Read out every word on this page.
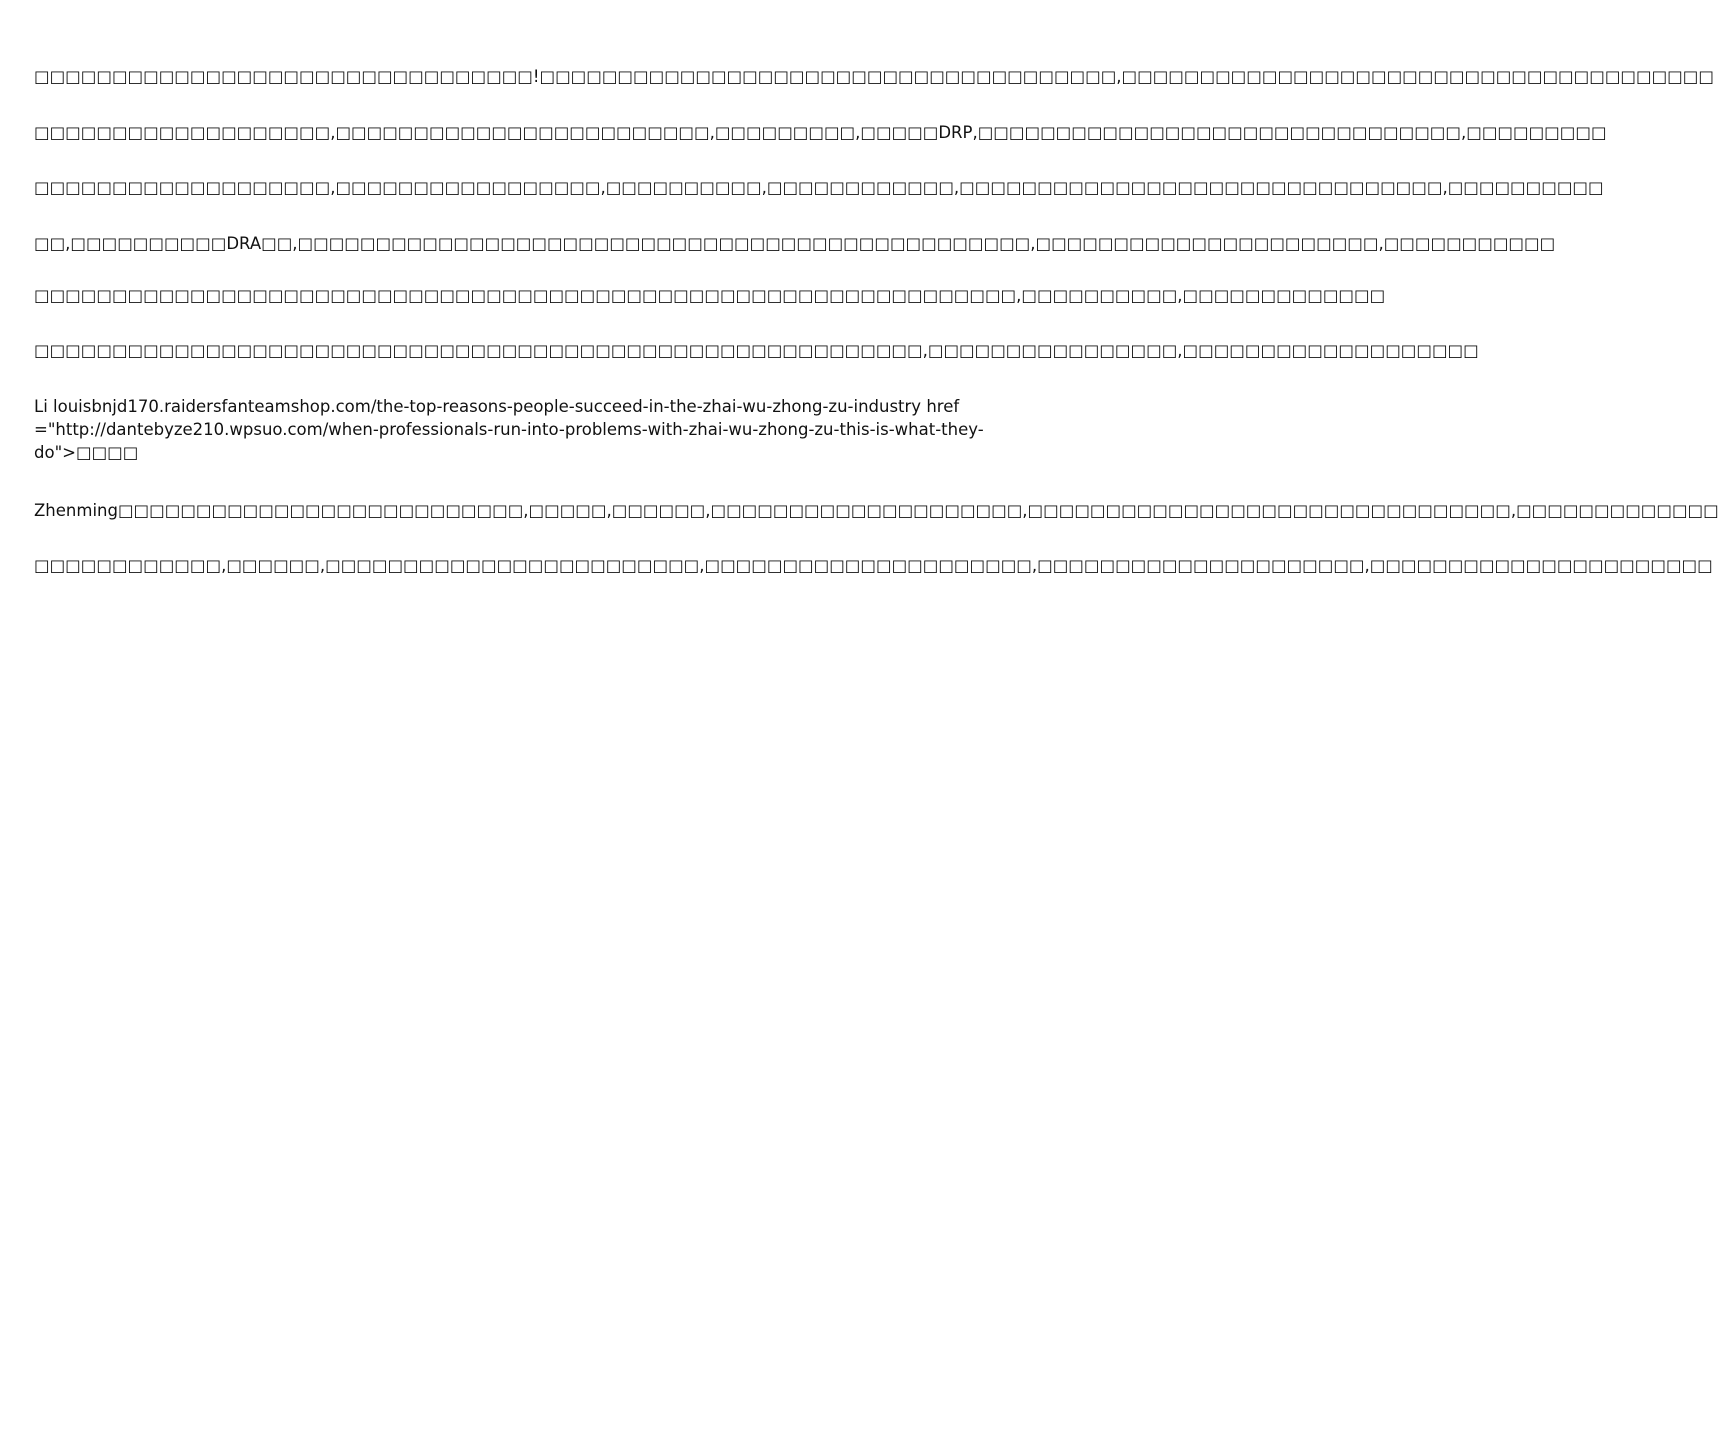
□□□□□□□□□□□□□□□□□□□□□□□□□□□□□□□□!□□□□□□□□□□□□□□□□□□□□□□□□□□□□□□□□□□□□□,□□□□□□□□□□□□□□□□□□□□□□□□□□□□□□□□□□□□□□

□□□□□□□□□□□□□□□□□□□,□□□□□□□□□□□□□□□□□□□□□□□□,□□□□□□□□□,□□□□□DRP,□□□□□□□□□□□□□□□□□□□□□□□□□□□□□□□,□□□□□□□□□

□□□□□□□□□□□□□□□□□□□,□□□□□□□□□□□□□□□□□,□□□□□□□□□□,□□□□□□□□□□□□,□□□□□□□□□□□□□□□□□□□□□□□□□□□□□□□,□□□□□□□□□□

□□,□□□□□□□□□□DRA□□,□□□□□□□□□□□□□□□□□□□□□□□□□□□□□□□□□□□□□□□□□□□□□□□,□□□□□□□□□□□□□□□□□□□□□□,□□□□□□□□□□□

□□□□□□□□□□□□□□□□□□□□□□□□□□□□□□□□□□□□□□□□□□□□□□□□□□□□□□□□□□□□□□□,□□□□□□□□□□,□□□□□□□□□□□□□

□□□□□□□□□□□□□□□□□□□□□□□□□□□□□□□□□□□□□□□□□□□□□□□□□□□□□□□□□,□□□□□□□□□□□□□□□□,□□□□□□□□□□□□□□□□□□□

Li louisbnjd170.raidersfanteamshop.com/the-top-reasons-people-succeed-in-the-zhai-wu-zhong-zu-industry href="http://dantebyze210.wpsuo.com/when-professionals-run-into-problems-with-zhai-wu-zhong-zu-this-is-what-they-do">□□□□

Zhenming□□□□□□□□□□□□□□□□□□□□□□□□□□,□□□□□,□□□□□□,□□□□□□□□□□□□□□□□□□□□,□□□□□□□□□□□□□□□□□□□□□□□□□□□□□□□,□□□□□□□□□□□□□

□□□□□□□□□□□□,□□□□□□,□□□□□□□□□□□□□□□□□□□□□□□□,□□□□□□□□□□□□□□□□□□□□□,□□□□□□□□□□□□□□□□□□□□□,□□□□□□□□□□□□□□□□□□□□□□
